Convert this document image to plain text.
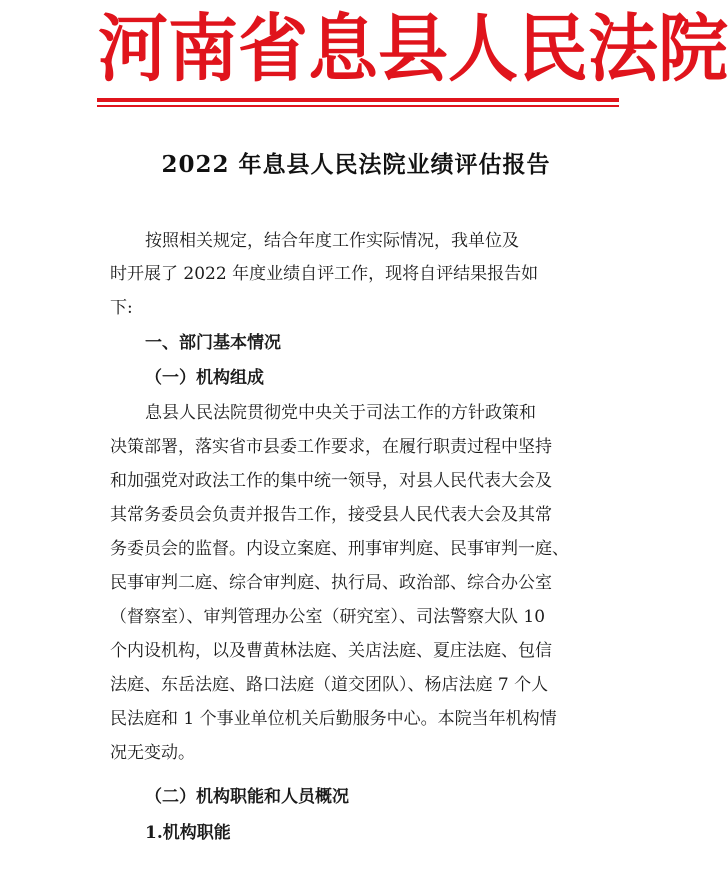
河 南 省 息 县 人 民 法 院
2022 年息县人民法院业绩评估报告
按照相关规定，结合年度工作实际情况，我单位及
时开展了 2022 年度业绩自评工作，现将自评结果报告如
下:
一、部门基本情况
（一）机构组成
息县人民法院贯彻党中央关于司法工作的方针政策和
决策部署，落实省市县委工作要求，在履行职责过程中坚持
和加强党对政法工作的集中统一领导，对县人民代表大会及
其常务委员会负责并报告工作，接受县人民代表大会及其常
务委员会的监督。内设立案庭、刑事审判庭、民事审判一庭、
民事审判二庭、综合审判庭、执行局、政治部、综合办公室
（督察室）、审判管理办公室（研究室）、司法警察大队 10
个内设机构，以及曹黄林法庭、关店法庭、夏庄法庭、包信
法庭、东岳法庭、路口法庭（道交团队）、杨店法庭 7 个人
民法庭和 1 个事业单位机关后勤服务中心。本院当年机构情
况无变动。
（二）机构职能和人员概况
1.机构职能
